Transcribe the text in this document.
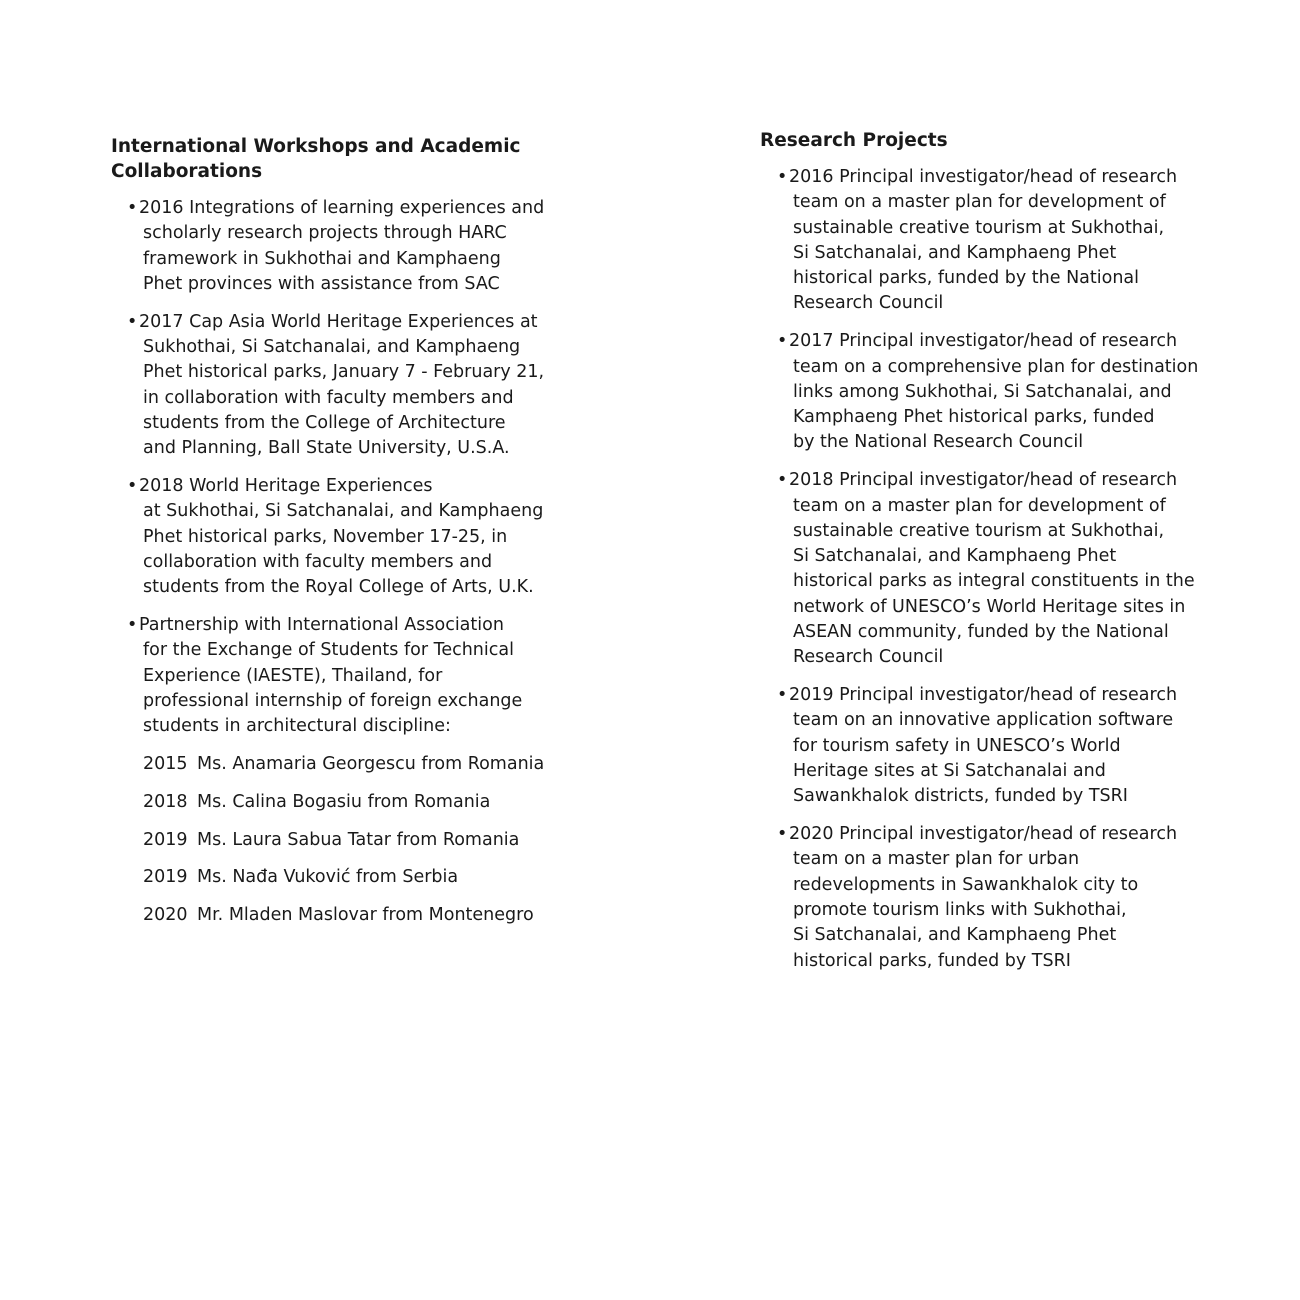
International Workshops and Academic
Collaborations
• 2016 Integrations of learning experiences and
scholarly research projects through HARC
framework in Sukhothai and Kamphaeng
Phet provinces with assistance from SAC
• 2017 Cap Asia World Heritage Experiences at
Sukhothai, Si Satchanalai, and Kamphaeng
Phet historical parks, January 7 - February 21,
in collaboration with faculty members and
students from the College of Architecture
and Planning, Ball State University, U.S.A.
• 2018 World Heritage Experiences
at Sukhothai, Si Satchanalai, and Kamphaeng
Phet historical parks, November 17-25, in
collaboration with faculty members and
students from the Royal College of Arts, U.K.
• Partnership with International Association
for the Exchange of Students for Technical
Experience (IAESTE), Thailand, for
professional internship of foreign exchange
students in architectural discipline:
2015 Ms. Anamaria Georgescu from Romania
2018 Ms. Calina Bogasiu from Romania
2019 Ms. Laura Sabua Tatar from Romania
2019 Ms. Nađa Vuković from Serbia
2020 Mr. Mladen Maslovar from Montenegro
Research Projects
• 2016 Principal investigator/head of research
team on a master plan for development of
sustainable creative tourism at Sukhothai,
Si Satchanalai, and Kamphaeng Phet
historical parks, funded by the National
Research Council
• 2017 Principal investigator/head of research
team on a comprehensive plan for destination
links among Sukhothai, Si Satchanalai, and
Kamphaeng Phet historical parks, funded
by the National Research Council
• 2018 Principal investigator/head of research
team on a master plan for development of
sustainable creative tourism at Sukhothai,
Si Satchanalai, and Kamphaeng Phet
historical parks as integral constituents in the
network of UNESCO’s World Heritage sites in
ASEAN community, funded by the National
Research Council
• 2019 Principal investigator/head of research
team on an innovative application software
for tourism safety in UNESCO’s World
Heritage sites at Si Satchanalai and
Sawankhalok districts, funded by TSRI
• 2020 Principal investigator/head of research
team on a master plan for urban
redevelopments in Sawankhalok city to
promote tourism links with Sukhothai,
Si Satchanalai, and Kamphaeng Phet
historical parks, funded by TSRI
